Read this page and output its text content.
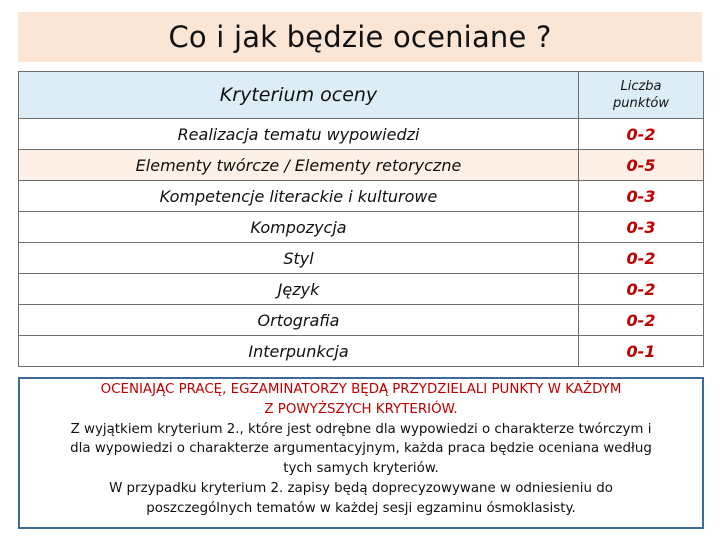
Co i jak będzie oceniane ?
Kryterium oceny	Liczba punktów
Realizacja tematu wypowiedzi	0-2
Elementy twórcze / Elementy retoryczne	0-5
Kompetencje literackie i kulturowe	0-3
Kompozycja	0-3
Styl	0-2
Język	0-2
Ortografia	0-2
Interpunkcja	0-1
OCENIAJĄC PRACĘ, EGZAMINATORZY BĘDĄ PRZYDZIELALI PUNKTY W KAŻDYM
Z POWYŻSZYCH KRYTERIÓW.
Z wyjątkiem kryterium 2., które jest odrębne dla wypowiedzi o charakterze twórczym i
dla wypowiedzi o charakterze argumentacyjnym, każda praca będzie oceniana według
tych samych kryteriów.
W przypadku kryterium 2. zapisy będą doprecyzowywane w odniesieniu do
poszczególnych tematów w każdej sesji egzaminu ósmoklasisty.
